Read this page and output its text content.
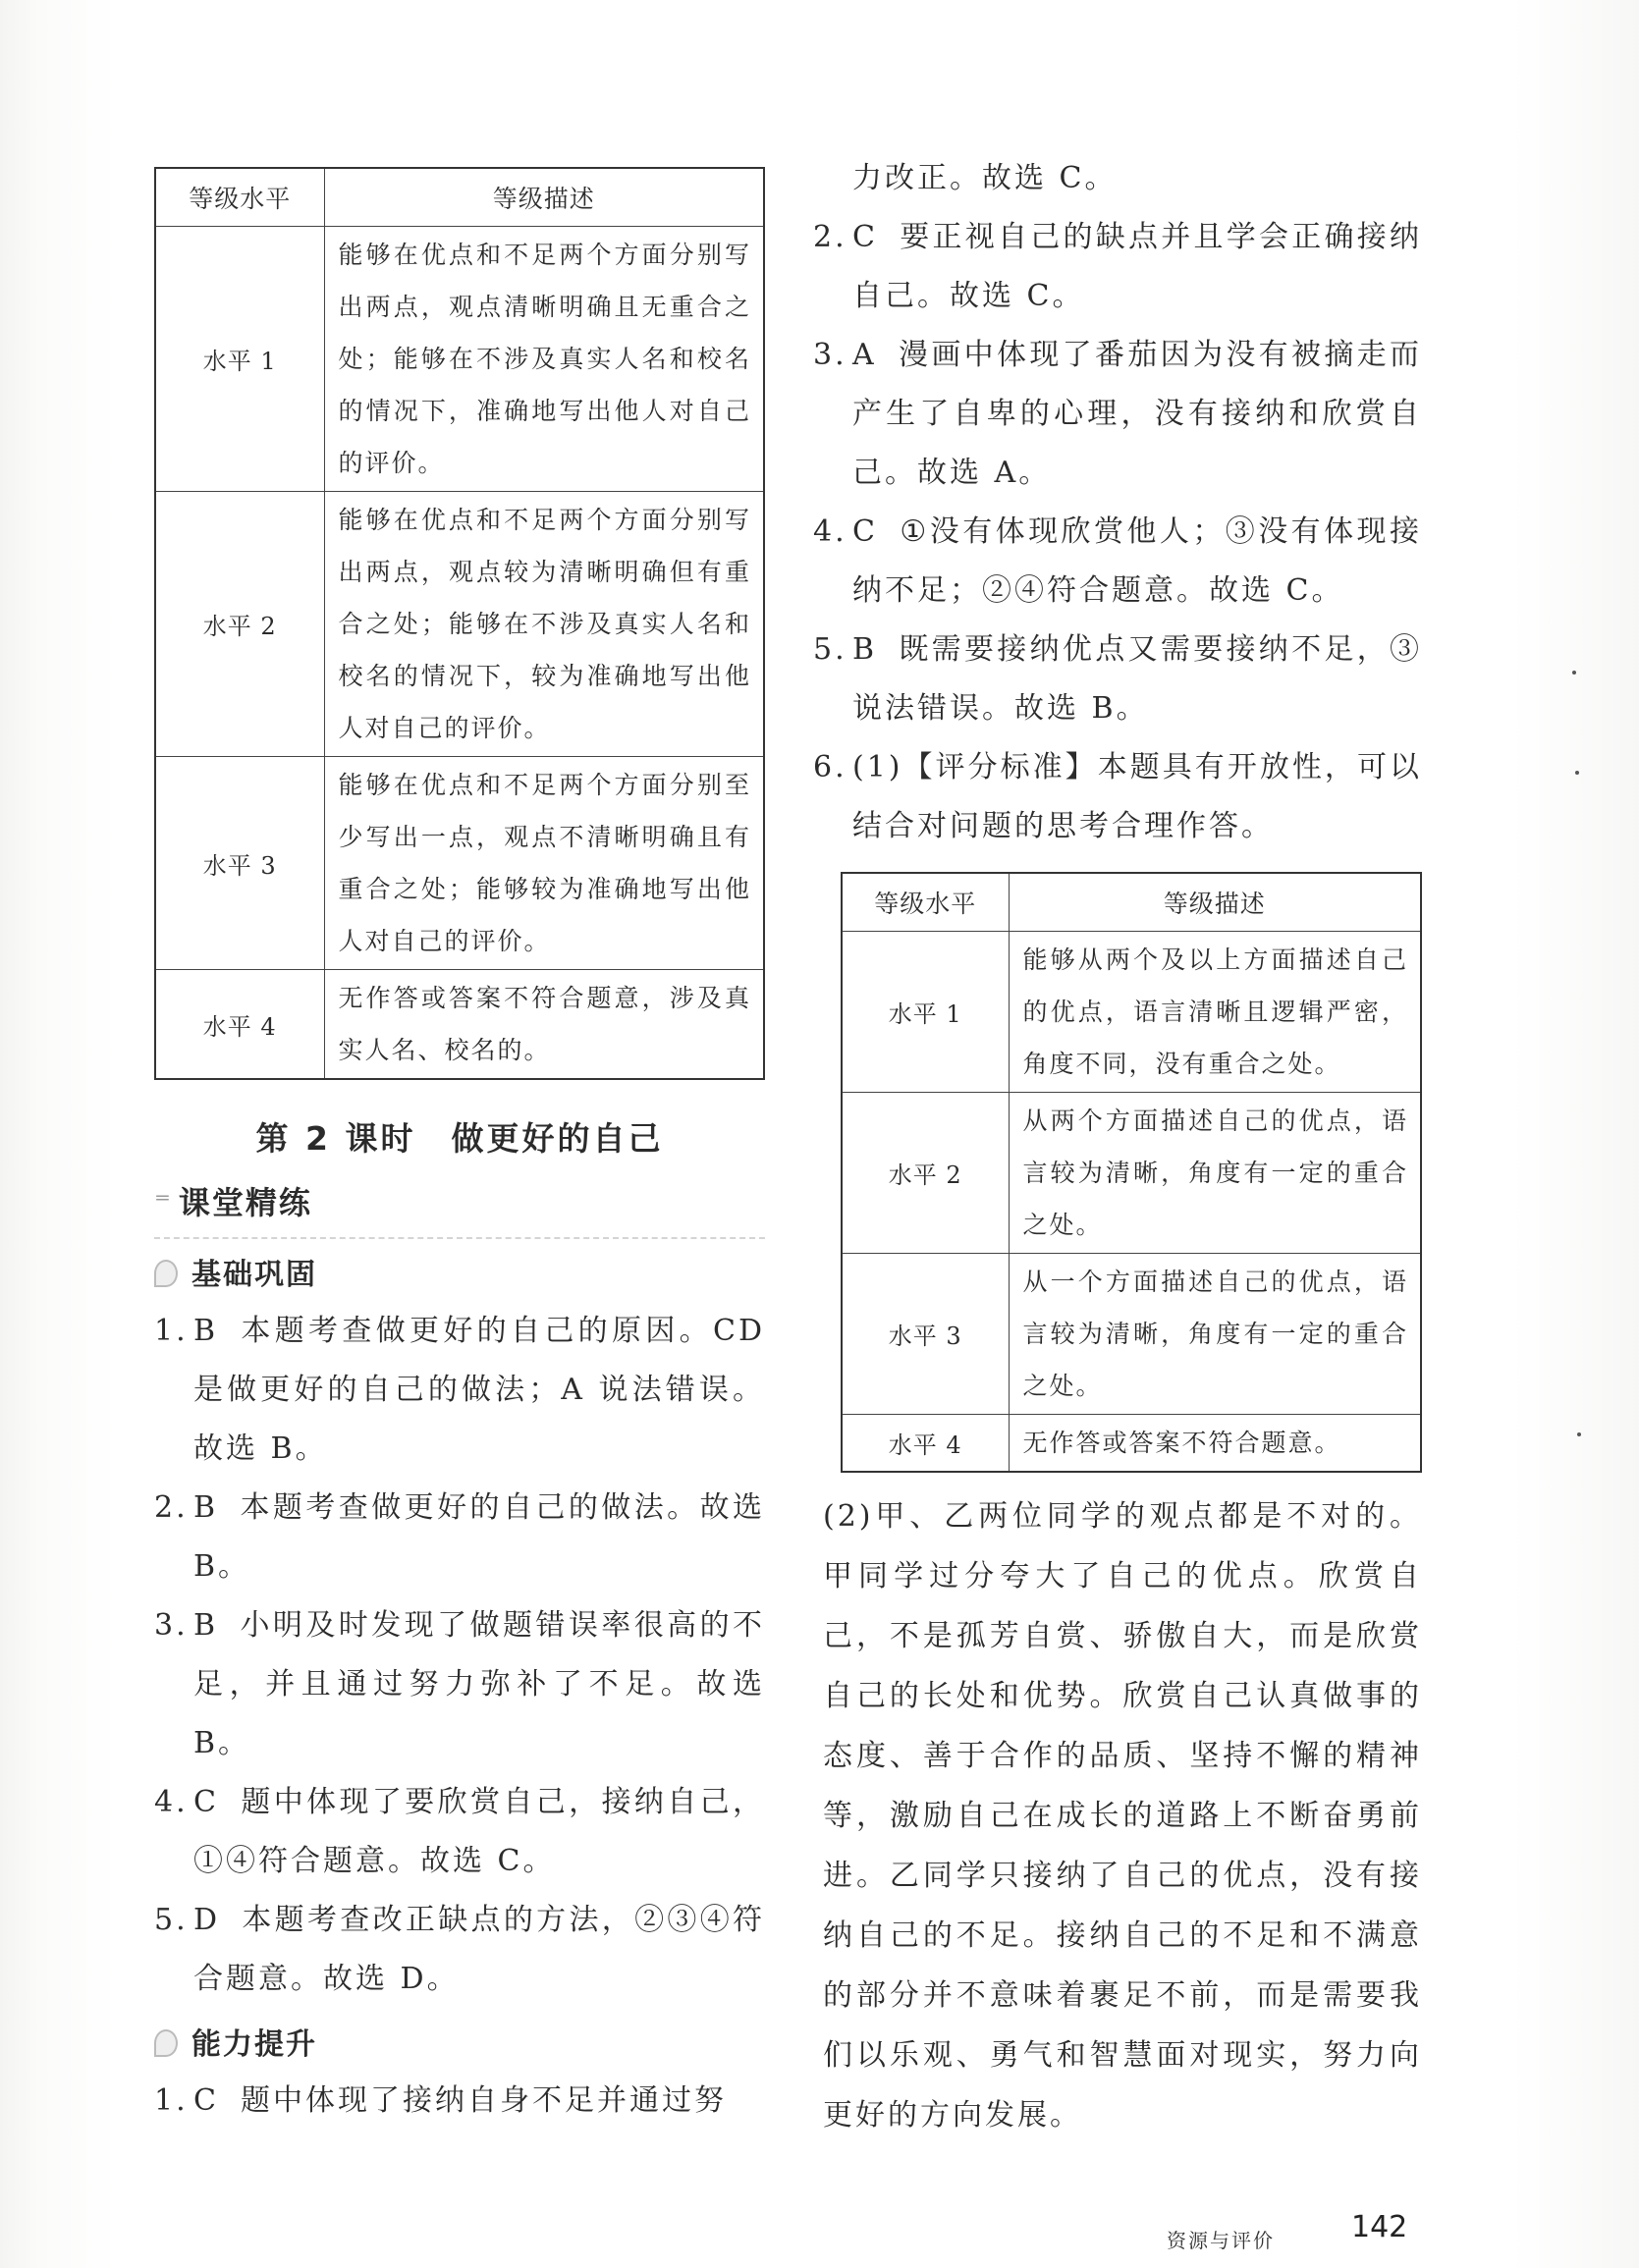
等级水平	等级描述
水平 1	能够在优点和不足两个方面分别写出两点，观点清晰明确且无重合之处；能够在不涉及真实人名和校名的情况下，准确地写出他人对自己的评价。
水平 2	能够在优点和不足两个方面分别写出两点，观点较为清晰明确但有重合之处；能够在不涉及真实人名和校名的情况下，较为准确地写出他人对自己的评价。
水平 3	能够在优点和不足两个方面分别至少写出一点，观点不清晰明确且有重合之处；能够较为准确地写出他人对自己的评价。
水平 4	无作答或答案不符合题意，涉及真实人名、校名的。
第 2 课时 做更好的自己
⁼ 课堂精练
基础巩固
1. B 本题考查做更好的自己的原因。CD是做更好的自己的做法；A 说法错误。故选 B。
2. B 本题考查做更好的自己的做法。故选 B。
3. B 小明及时发现了做题错误率很高的不足，并且通过努力弥补了不足。故选 B。
4. C 题中体现了要欣赏自己，接纳自己，①④符合题意。故选 C。
5. D 本题考查改正缺点的方法，②③④符合题意。故选 D。
能力提升
1. C 题中体现了接纳自身不足并通过努
力改正。故选 C。
2. C 要正视自己的缺点并且学会正确接纳自己。故选 C。
3. A 漫画中体现了番茄因为没有被摘走而产生了自卑的心理，没有接纳和欣赏自己。故选 A。
4. C ①没有体现欣赏他人；③没有体现接纳不足；②④符合题意。故选 C。
5. B 既需要接纳优点又需要接纳不足，③说法错误。故选 B。
6. (1)【评分标准】本题具有开放性，可以结合对问题的思考合理作答。
等级水平	等级描述
水平 1	能够从两个及以上方面描述自己的优点，语言清晰且逻辑严密，角度不同，没有重合之处。
水平 2	从两个方面描述自己的优点，语言较为清晰，角度有一定的重合之处。
水平 3	从一个方面描述自己的优点，语言较为清晰，角度有一定的重合之处。
水平 4	无作答或答案不符合题意。
(2)甲、乙两位同学的观点都是不对的。甲同学过分夸大了自己的优点。欣赏自己，不是孤芳自赏、骄傲自大，而是欣赏自己的长处和优势。欣赏自己认真做事的态度、善于合作的品质、坚持不懈的精神等，激励自己在成长的道路上不断奋勇前进。乙同学只接纳了自己的优点，没有接纳自己的不足。接纳自己的不足和不满意的部分并不意味着裹足不前，而是需要我们以乐观、勇气和智慧面对现实，努力向更好的方向发展。
资源与评价	142
